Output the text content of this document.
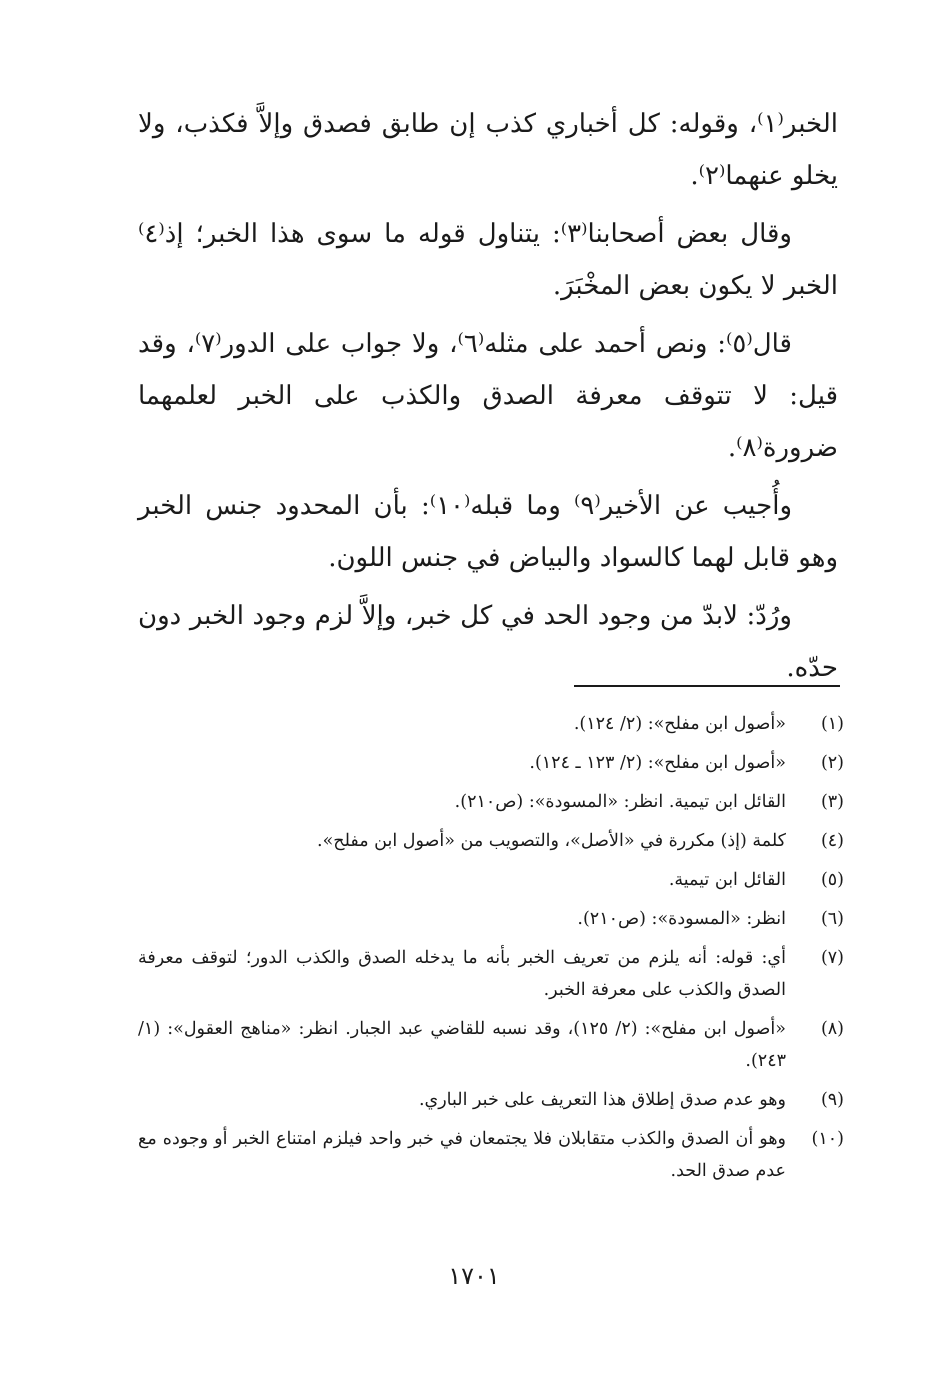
الخبر⁽١⁾، وقوله: كل أخباري كذب إن طابق فصدق وإلاَّ فكذب، ولا يخلو عنهما⁽٢⁾.

وقال بعض أصحابنا⁽٣⁾: يتناول قوله ما سوى هذا الخبر؛ إذ⁽٤⁾ الخبر لا يكون بعض المخْبَرَ.

قال⁽٥⁾: ونص أحمد على مثله⁽٦⁾، ولا جواب على الدور⁽٧⁾، وقد قيل: لا تتوقف معرفة الصدق والكذب على الخبر لعلمهما ضرورة⁽٨⁾.

وأُجيب عن الأخير⁽٩⁾ وما قبله⁽١٠⁾: بأن المحدود جنس الخبر وهو قابل لهما كالسواد والبياض في جنس اللون.

ورُدّ: لابدّ من وجود الحد في كل خبر، وإلاَّ لزم وجود الخبر دون حدّه.

(١)
«أصول ابن مفلح»: (٢/ ١٢٤).
(٢)
«أصول ابن مفلح»: (٢/ ١٢٣ ـ ١٢٤).
(٣)
القائل ابن تيمية. انظر: «المسودة»: (ص٢١٠).
(٤)
كلمة (إذ) مكررة في «الأصل»، والتصويب من «أصول ابن مفلح».
(٥)
القائل ابن تيمية.
(٦)
انظر: «المسودة»: (ص٢١٠).
(٧)
أي: قوله: أنه يلزم من تعريف الخبر بأنه ما يدخله الصدق والكذب الدور؛ لتوقف معرفة الصدق والكذب على معرفة الخبر.
(٨)
«أصول ابن مفلح»: (٢/ ١٢٥)، وقد نسبه للقاضي عبد الجبار. انظر: «مناهج العقول»: (١/ ٢٤٣).
(٩)
وهو عدم صدق إطلاق هذا التعريف على خبر الباري.
(١٠)
وهو أن الصدق والكذب متقابلان فلا يجتمعان في خبر واحد فيلزم امتناع الخبر أو وجوده مع عدم صدق الحد.
١٧٠١
